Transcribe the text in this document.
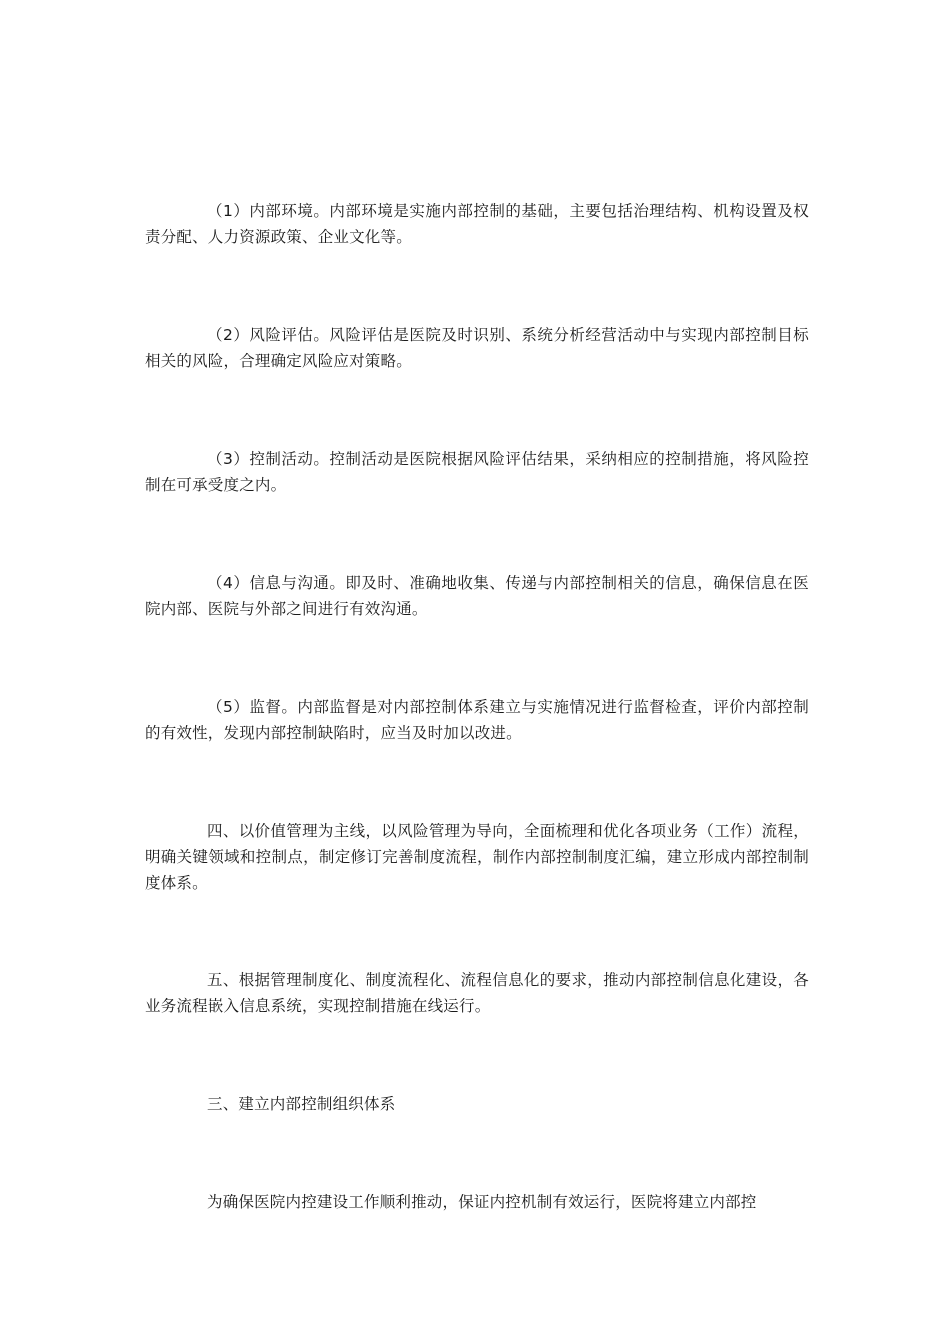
（1）内部环境。内部环境是实施内部控制的基础，主要包括治理结构、机构设置及权责分配、人力资源政策、企业文化等。

（2）风险评估。风险评估是医院及时识别、系统分析经营活动中与实现内部控制目标相关的风险，合理确定风险应对策略。

（3）控制活动。控制活动是医院根据风险评估结果，采纳相应的控制措施，将风险控制在可承受度之内。

（4）信息与沟通。即及时、准确地收集、传递与内部控制相关的信息，确保信息在医院内部、医院与外部之间进行有效沟通。

（5）监督。内部监督是对内部控制体系建立与实施情况进行监督检查，评价内部控制的有效性，发现内部控制缺陷时，应当及时加以改进。

四、以价值管理为主线，以风险管理为导向，全面梳理和优化各项业务（工作）流程，明确关键领域和控制点，制定修订完善制度流程，制作内部控制制度汇编，建立形成内部控制制度体系。

五、根据管理制度化、制度流程化、流程信息化的要求，推动内部控制信息化建设，各业务流程嵌入信息系统，实现控制措施在线运行。

三、建立内部控制组织体系

为确保医院内控建设工作顺利推动，保证内控机制有效运行，医院将建立内部控
